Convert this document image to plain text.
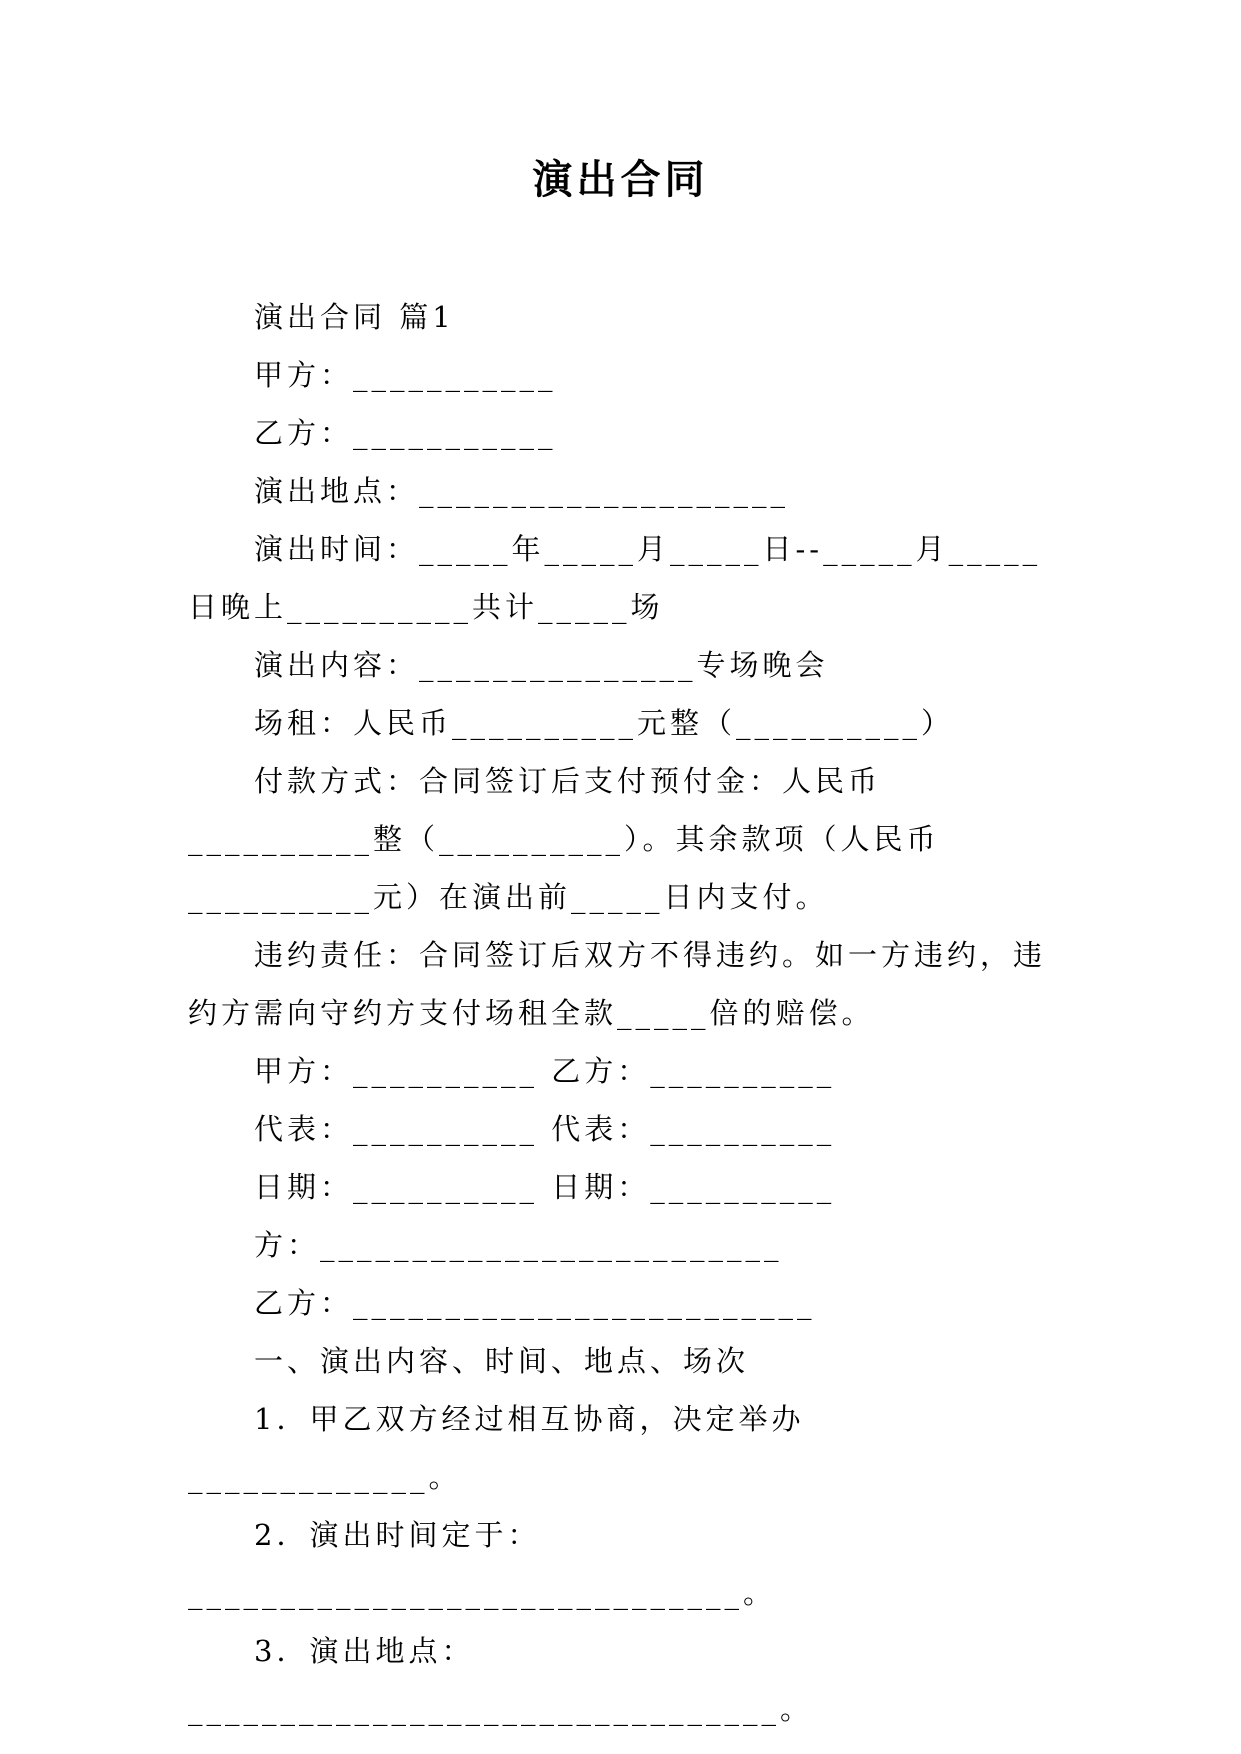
演出合同

演出合同 篇1

甲方：___________

乙方：___________

演出地点：____________________

演出时间：_____年_____月_____日--_____月_____日晚上__________共计_____场

演出内容：_______________专场晚会

场租：人民币__________元整（__________）

付款方式：合同签订后支付预付金：人民币__________整（__________）。其余款项（人民币__________元）在演出前_____日内支付。

违约责任：合同签订后双方不得违约。如一方违约，违约方需向守约方支付场租全款_____倍的赔偿。

甲方：__________ 乙方：__________

代表：__________ 代表：__________

日期：__________ 日期：__________

方：_________________________

乙方：_________________________

一、演出内容、时间、地点、场次

1．甲乙双方经过相互协商，决定举办_____________。

2．演出时间定于：______________________________。

3．演出地点：________________________________。
